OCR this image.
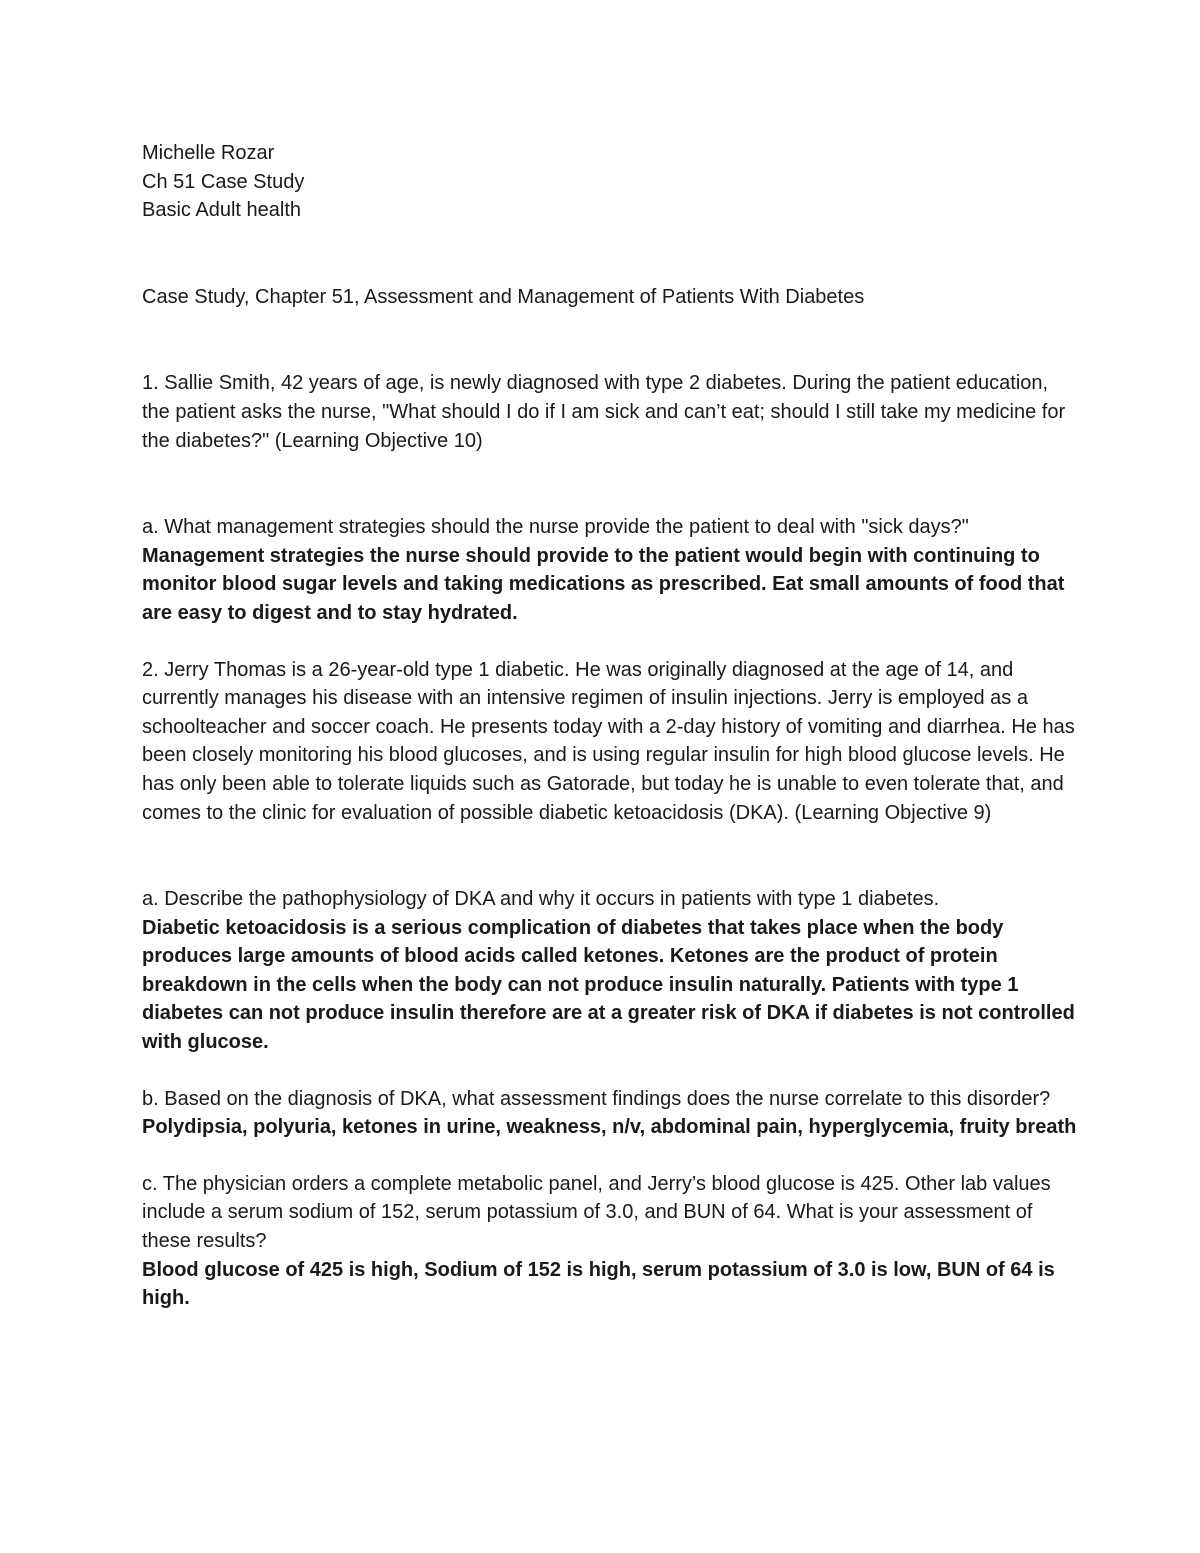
Michelle Rozar

Ch 51 Case Study

Basic Adult health

Case Study, Chapter 51, Assessment and Management of Patients With Diabetes

1. Sallie Smith, 42 years of age, is newly diagnosed with type 2 diabetes. During the patient education, the patient asks the nurse, "What should I do if I am sick and can’t eat; should I still take my medicine for the diabetes?" (Learning Objective 10)

a. What management strategies should the nurse provide the patient to deal with "sick days?"

Management strategies the nurse should provide to the patient would begin with continuing to monitor blood sugar levels and taking medications as prescribed. Eat small amounts of food that are easy to digest and to stay hydrated.

2. Jerry Thomas is a 26-year-old type 1 diabetic. He was originally diagnosed at the age of 14, and currently manages his disease with an intensive regimen of insulin injections. Jerry is employed as a schoolteacher and soccer coach. He presents today with a 2-day history of vomiting and diarrhea. He has been closely monitoring his blood glucoses, and is using regular insulin for high blood glucose levels. He has only been able to tolerate liquids such as Gatorade, but today he is unable to even tolerate that, and comes to the clinic for evaluation of possible diabetic ketoacidosis (DKA). (Learning Objective 9)

a. Describe the pathophysiology of DKA and why it occurs in patients with type 1 diabetes.

Diabetic ketoacidosis is a serious complication of diabetes that takes place when the body produces large amounts of blood acids called ketones. Ketones are the product of protein breakdown in the cells when the body can not produce insulin naturally. Patients with type 1 diabetes can not produce insulin therefore are at a greater risk of DKA if diabetes is not controlled with glucose.

b. Based on the diagnosis of DKA, what assessment findings does the nurse correlate to this disorder?

Polydipsia, polyuria, ketones in urine, weakness, n/v, abdominal pain, hyperglycemia, fruity breath

c. The physician orders a complete metabolic panel, and Jerry’s blood glucose is 425. Other lab values include a serum sodium of 152, serum potassium of 3.0, and BUN of 64. What is your assessment of these results?

Blood glucose of 425 is high, Sodium of 152 is high, serum potassium of 3.0 is low, BUN of 64 is high.
